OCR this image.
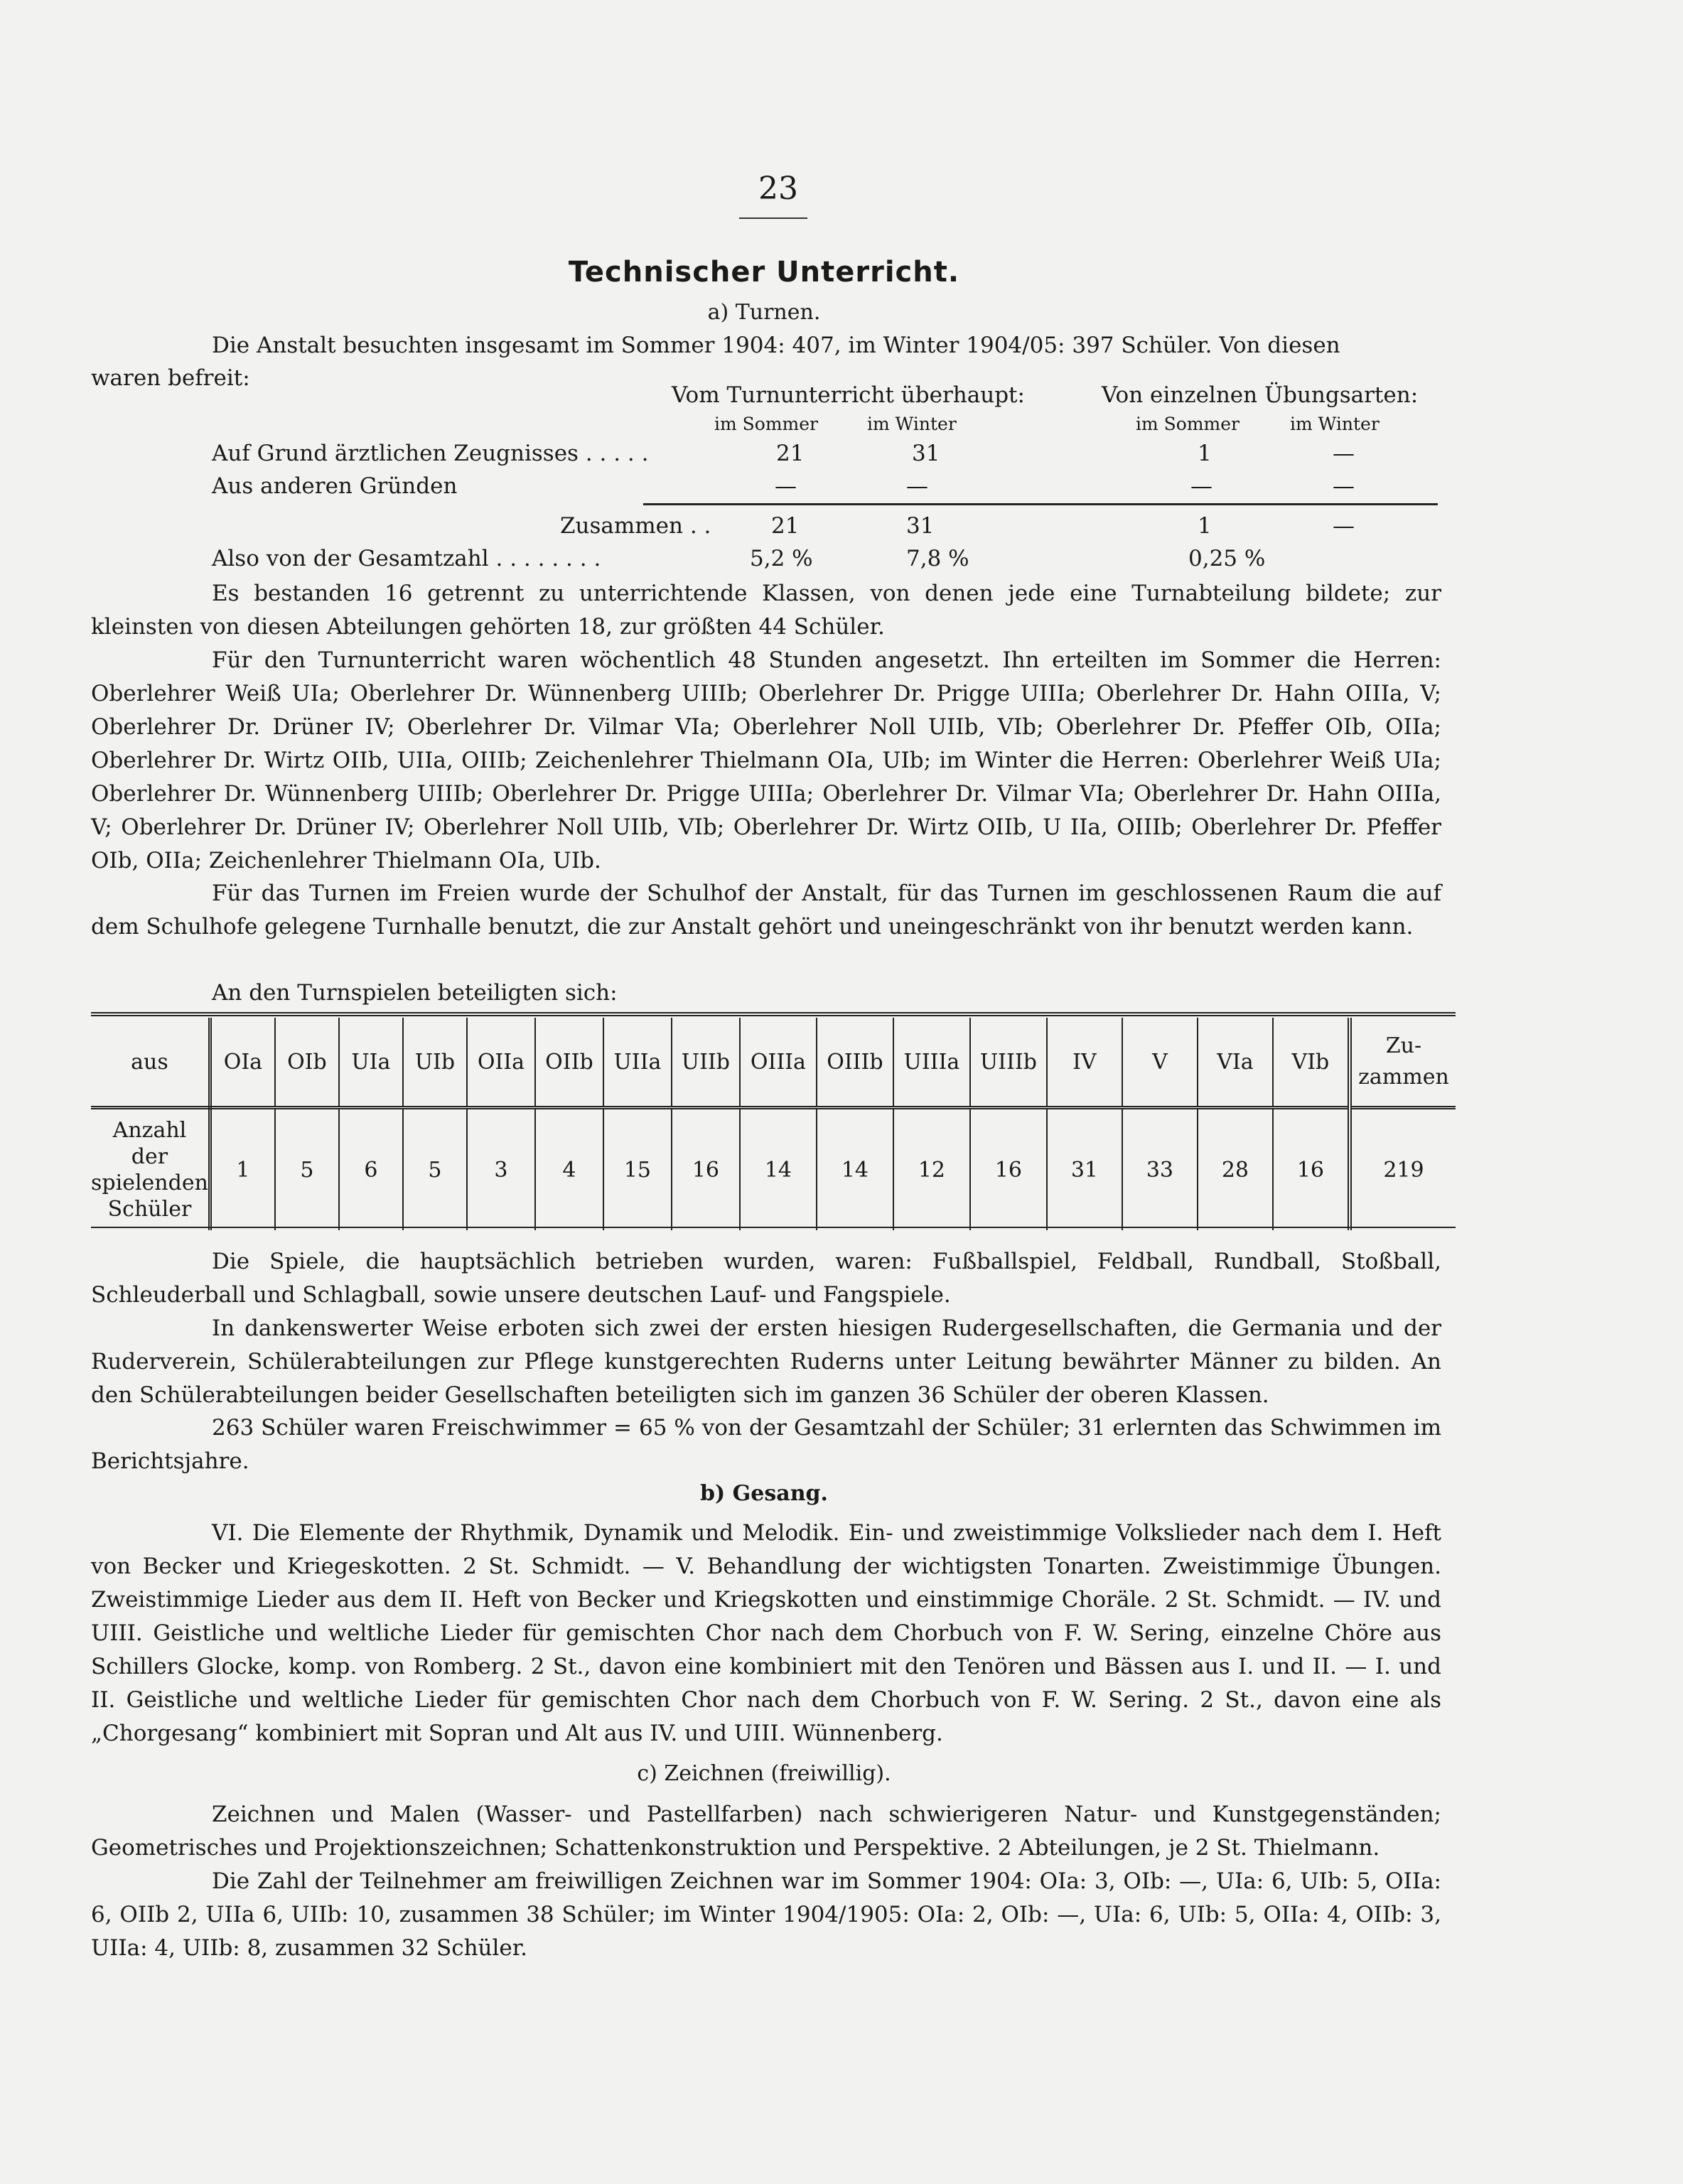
23
Technischer Unterricht.
a) Turnen.
Die Anstalt besuchten insgesamt im Sommer 1904: 407, im Winter 1904/05: 397 Schüler. Von diesen
waren befreit:
Vom Turnunterricht überhaupt:	Von einzelnen Übungsarten:
im Sommer	im Winter	im Sommer	im Winter
Auf Grund ärztlichen Zeugnisses . . . . .	21	31	1	—
Aus anderen Gründen	—	—	—	—
Zusammen . .	21	31	1	—
Also von der Gesamtzahl . . . . . . . .	5,2 %	7,8 %	0,25 %
Es bestanden 16 getrennt zu unterrichtende Klassen, von denen jede eine Turnabteilung bildete; zur kleinsten von diesen Abteilungen gehörten 18, zur größten 44 Schüler.
Für den Turnunterricht waren wöchentlich 48 Stunden angesetzt. Ihn erteilten im Sommer die Herren: Oberlehrer Weiß UIa; Oberlehrer Dr. Wünnenberg UIIIb; Oberlehrer Dr. Prigge UIIIa; Oberlehrer Dr. Hahn OIIIa, V; Oberlehrer Dr. Drüner IV; Oberlehrer Dr. Vilmar VIa; Oberlehrer Noll UIIb, VIb; Oberlehrer Dr. Pfeffer OIb, OIIa; Oberlehrer Dr. Wirtz OIIb, UIIa, OIIIb; Zeichenlehrer Thielmann OIa, UIb; im Winter die Herren: Oberlehrer Weiß UIa; Oberlehrer Dr. Wünnenberg UIIIb; Oberlehrer Dr. Prigge UIIIa; Oberlehrer Dr. Vilmar VIa; Oberlehrer Dr. Hahn OIIIa, V; Oberlehrer Dr. Drüner IV; Oberlehrer Noll UIIb, VIb; Oberlehrer Dr. Wirtz OIIb, U IIa, OIIIb; Oberlehrer Dr. Pfeffer OIb, OIIa; Zeichenlehrer Thielmann OIa, UIb.
Für das Turnen im Freien wurde der Schulhof der Anstalt, für das Turnen im geschlossenen Raum die auf dem Schulhofe gelegene Turnhalle benutzt, die zur Anstalt gehört und uneingeschränkt von ihr benutzt werden kann.
An den Turnspielen beteiligten sich:
aus	OIa	OIb	UIa	UIb	OIIa	OIIb	UIIa	UIIb	OIIIa	OIIIb	UIIIa	UIIIb	IV	V	VIa	VIb	Zu-
zammen
Anzahl
der
spielenden
Schüler	1	5	6	5	3	4	15	16	14	14	12	16	31	33	28	16	219
Die Spiele, die hauptsächlich betrieben wurden, waren: Fußballspiel, Feldball, Rundball, Stoßball, Schleuderball und Schlagball, sowie unsere deutschen Lauf- und Fangspiele.
In dankenswerter Weise erboten sich zwei der ersten hiesigen Rudergesellschaften, die Germania und der Ruderverein, Schülerabteilungen zur Pflege kunstgerechten Ruderns unter Leitung bewährter Männer zu bilden. An den Schülerabteilungen beider Gesellschaften beteiligten sich im ganzen 36 Schüler der oberen Klassen.
263 Schüler waren Freischwimmer = 65 % von der Gesamtzahl der Schüler; 31 erlernten das Schwimmen im Berichtsjahre.
b) Gesang.
VI. Die Elemente der Rhythmik, Dynamik und Melodik. Ein- und zweistimmige Volkslieder nach dem I. Heft von Becker und Kriegeskotten. 2 St. Schmidt. — V. Behandlung der wichtigsten Tonarten. Zweistimmige Übungen. Zweistimmige Lieder aus dem II. Heft von Becker und Kriegskotten und einstimmige Choräle. 2 St. Schmidt. — IV. und UIII. Geistliche und weltliche Lieder für gemischten Chor nach dem Chorbuch von F. W. Sering, einzelne Chöre aus Schillers Glocke, komp. von Romberg. 2 St., davon eine kombiniert mit den Tenören und Bässen aus I. und II. — I. und II. Geistliche und weltliche Lieder für gemischten Chor nach dem Chorbuch von F. W. Sering. 2 St., davon eine als „Chorgesang“ kombiniert mit Sopran und Alt aus IV. und UIII. Wünnenberg.
c) Zeichnen (freiwillig).
Zeichnen und Malen (Wasser- und Pastellfarben) nach schwierigeren Natur- und Kunstgegenständen; Geometrisches und Projektionszeichnen; Schattenkonstruktion und Perspektive. 2 Abteilungen, je 2 St. Thielmann.
Die Zahl der Teilnehmer am freiwilligen Zeichnen war im Sommer 1904: OIa: 3, OIb: —, UIa: 6, UIb: 5, OIIa: 6, OIIb 2, UIIa 6, UIIb: 10, zusammen 38 Schüler; im Winter 1904/1905: OIa: 2, OIb: —, UIa: 6, UIb: 5, OIIa: 4, OIIb: 3, UIIa: 4, UIIb: 8, zusammen 32 Schüler.
